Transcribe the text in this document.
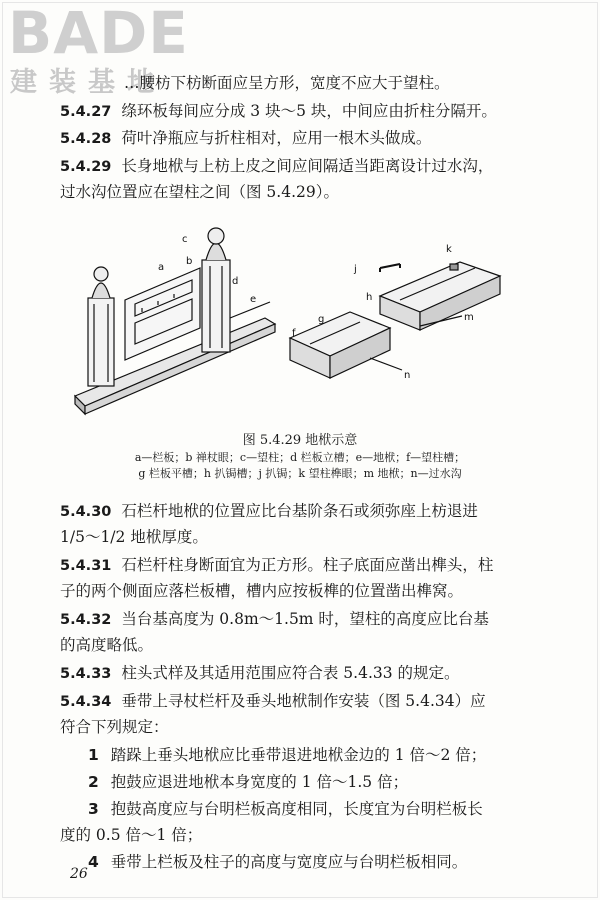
BADE
建装基地
…腰枋下枋断面应呈方形，宽度不应大于望柱。
5.4.27 绦环板每间应分成 3 块～5 块，中间应由折柱分隔开。
5.4.28 荷叶净瓶应与折柱相对，应用一根木头做成。
5.4.29 长身地栿与上枋上皮之间应间隔适当距离设计过水沟，
过水沟位置应在望柱之间（图 5.4.29）。
a
b
c
d
e
j
k
h
m
g
f
n
图 5.4.29 地栿示意
a—栏板；b 禅杖眼；c—望柱；d 栏板立槽；e—地栿；f—望柱槽；
g 栏板平槽；h 扒锔槽；j 扒锔；k 望柱榫眼；m 地栿；n—过水沟
5.4.30 石栏杆地栿的位置应比台基阶条石或须弥座上枋退进
1/5～1/2 地栿厚度。
5.4.31 石栏杆柱身断面宜为正方形。柱子底面应凿出榫头，柱
子的两个侧面应落栏板槽，槽内应按板榫的位置凿出榫窝。
5.4.32 当台基高度为 0.8m～1.5m 时，望柱的高度应比台基
的高度略低。
5.4.33 柱头式样及其适用范围应符合表 5.4.33 的规定。
5.4.34 垂带上寻杖栏杆及垂头地栿制作安装（图 5.4.34）应
符合下列规定：
1 踏跺上垂头地栿应比垂带退进地栿金边的 1 倍～2 倍；
2 抱鼓应退进地栿本身宽度的 1 倍～1.5 倍；
3 抱鼓高度应与台明栏板高度相同，长度宜为台明栏板长
度的 0.5 倍～1 倍；
4 垂带上栏板及柱子的高度与宽度应与台明栏板相同。
26
